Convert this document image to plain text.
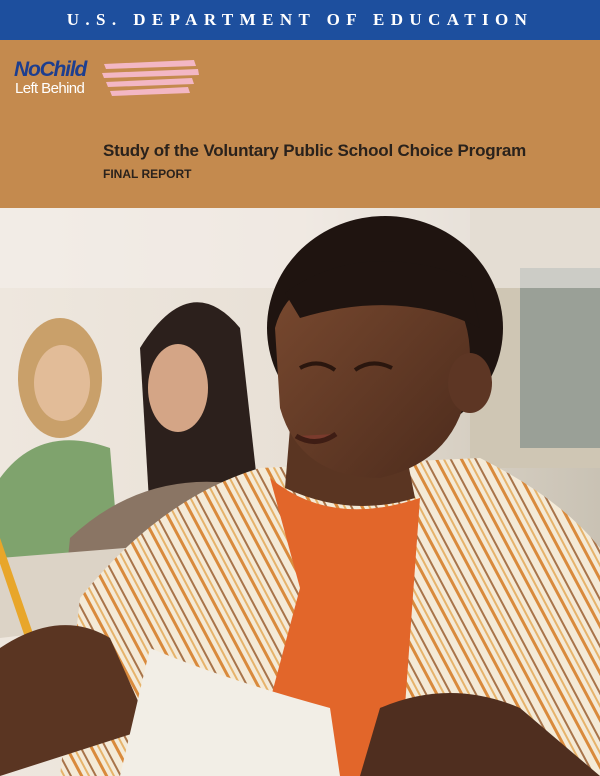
U.S. DEPARTMENT OF EDUCATION
NoChild
Left Behind
Study of the Voluntary Public School Choice Program
FINAL REPORT
